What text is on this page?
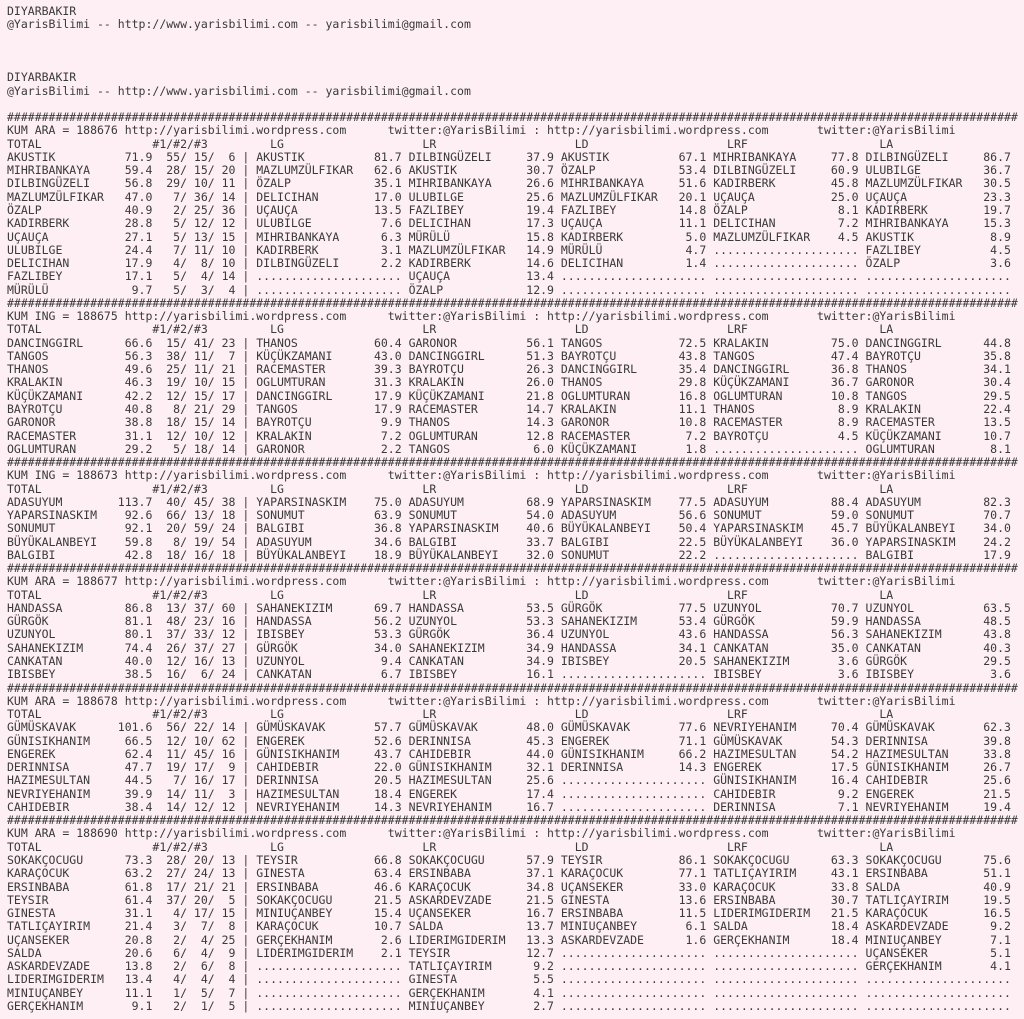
DIYARBAKIR
@YarisBilimi -- http://www.yarisbilimi.com -- yarisbilimi@gmail.com

DIYARBAKIR
@YarisBilimi -- http://www.yarisbilimi.com -- yarisbilimi@gmail.com

##################################################################################################################################################
KUM ARA = 188676 http://yarisbilimi.wordpress.com      twitter:@YarisBilimi : http://yarisbilimi.wordpress.com       twitter:@YarisBilimi
TOTAL                #1/#2/#3         LG                    LR                    LD                    LRF                   LA
AKUSTIK          71.9  55/ 15/  6 | AKUSTIK          81.7 DILBINGÜZELI     37.9 AKUSTIK          67.1 MIHRIBANKAYA     77.8 DILBINGÜZELI     86.7
MIHRIBANKAYA     59.4  28/ 15/ 20 | MAZLUMZÜLFIKAR   62.6 AKUSTIK          30.7 ÖZALP            53.4 DILBINGÜZELI     60.9 ULUBILGE         36.7
DILBINGÜZELI     56.8  29/ 10/ 11 | ÖZALP            35.1 MIHRIBANKAYA     26.6 MIHRIBANKAYA     51.6 KADIRBERK        45.8 MAZLUMZÜLFIKAR   30.5
MAZLUMZÜLFIKAR   47.0   7/ 36/ 14 | DELICIHAN        17.0 ULUBILGE         25.6 MAZLUMZÜLFIKAR   20.1 UÇAUÇA           25.0 UÇAUÇA           23.3
ÖZALP            40.9   2/ 25/ 36 | UÇAUÇA           13.5 FAZLIBEY         19.4 FAZLIBEY         14.8 ÖZALP             8.1 KADIRBERK        19.7
KADIRBERK        28.8   5/ 12/ 12 | ULUBILGE          7.6 DELICIHAN        17.3 UÇAUÇA           11.1 DELICIHAN         7.2 MIHRIBANKAYA     15.3
UÇAUÇA           27.1   5/ 13/ 15 | MIHRIBANKAYA      6.3 MÜRÜLÜ           15.8 KADIRBERK         5.0 MAZLUMZÜLFIKAR    4.5 AKUSTIK           8.9
ULUBILGE         24.4   7/ 11/ 10 | KADIRBERK         3.1 MAZLUMZÜLFIKAR   14.9 MÜRÜLÜ            4.7 ..................... FAZLIBEY          4.5
DELICIHAN        17.9   4/  8/ 10 | DILBINGÜZELI      2.2 KADIRBERK        14.6 DELICIHAN         1.4 ..................... ÖZALP             3.6
FAZLIBEY         17.1   5/  4/ 14 | ..................... UÇAUÇA           13.4 ..................... ..................... .....................
MÜRÜLÜ            9.7   5/  3/  4 | ..................... ÖZALP            12.9 ..................... ..................... .....................
##################################################################################################################################################
KUM ING = 188675 http://yarisbilimi.wordpress.com      twitter:@YarisBilimi : http://yarisbilimi.wordpress.com       twitter:@YarisBilimi
TOTAL                #1/#2/#3         LG                    LR                    LD                    LRF                   LA
DANCINGGIRL      66.6  15/ 41/ 23 | THANOS           60.4 GARONOR          56.1 TANGOS           72.5 KRALAKIN         75.0 DANCINGGIRL      44.8
TANGOS           56.3  38/ 11/  7 | KÜÇÜKZAMANI      43.0 DANCINGGIRL      51.3 BAYROTÇU         43.8 TANGOS           47.4 BAYROTÇU         35.8
THANOS           49.6  25/ 11/ 21 | RACEMASTER       39.3 BAYROTÇU         26.3 DANCINGGIRL      35.4 DANCINGGIRL      36.8 THANOS           34.1
KRALAKIN         46.3  19/ 10/ 15 | OGLUMTURAN       31.3 KRALAKIN         26.0 THANOS           29.8 KÜÇÜKZAMANI      36.7 GARONOR          30.4
KÜÇÜKZAMANI      42.2  12/ 15/ 17 | DANCINGGIRL      17.9 KÜÇÜKZAMANI      21.8 OGLUMTURAN       16.8 OGLUMTURAN       10.8 TANGOS           29.5
BAYROTÇU         40.8   8/ 21/ 29 | TANGOS           17.9 RACEMASTER       14.7 KRALAKIN         11.1 THANOS            8.9 KRALAKIN         22.4
GARONOR          38.8  18/ 15/ 14 | BAYROTÇU          9.9 THANOS           14.3 GARONOR          10.8 RACEMASTER        8.9 RACEMASTER       13.5
RACEMASTER       31.1  12/ 10/ 12 | KRALAKIN          7.2 OGLUMTURAN       12.8 RACEMASTER        7.2 BAYROTÇU          4.5 KÜÇÜKZAMANI      10.7
OGLUMTURAN       29.2   5/ 18/ 14 | GARONOR           2.2 TANGOS            6.0 KÜÇÜKZAMANI       1.8 ..................... OGLUMTURAN        8.1
##################################################################################################################################################
KUM ING = 188673 http://yarisbilimi.wordpress.com      twitter:@YarisBilimi : http://yarisbilimi.wordpress.com       twitter:@YarisBilimi
TOTAL                #1/#2/#3         LG                    LR                    LD                    LRF                   LA
ADASUYUM        113.7  40/ 45/ 38 | YAPARSINASKIM    75.0 ADASUYUM         68.9 YAPARSINASKIM    77.5 ADASUYUM         88.4 ADASUYUM         82.3
YAPARSINASKIM    92.6  66/ 13/ 18 | SONUMUT          63.9 SONUMUT          54.0 ADASUYUM         56.6 SONUMUT          59.0 SONUMUT          70.7
SONUMUT          92.1  20/ 59/ 24 | BALGIBI          36.8 YAPARSINASKIM    40.6 BÜYÜKALANBEYI    50.4 YAPARSINASKIM    45.7 BÜYÜKALANBEYI    34.0
BÜYÜKALANBEYI    59.8   8/ 19/ 54 | ADASUYUM         34.6 BALGIBI          33.7 BALGIBI          22.5 BÜYÜKALANBEYI    36.0 YAPARSINASKIM    24.2
BALGIBI          42.8  18/ 16/ 18 | BÜYÜKALANBEYI    18.9 BÜYÜKALANBEYI    32.0 SONUMUT          22.2 ..................... BALGIBI          17.9
##################################################################################################################################################
KUM ARA = 188677 http://yarisbilimi.wordpress.com      twitter:@YarisBilimi : http://yarisbilimi.wordpress.com       twitter:@YarisBilimi
TOTAL                #1/#2/#3         LG                    LR                    LD                    LRF                   LA
HANDASSA         86.8  13/ 37/ 60 | SAHANEKIZIM      69.7 HANDASSA         53.5 GÜRGÖK           77.5 UZUNYOL          70.7 UZUNYOL          63.5
GÜRGÖK           81.1  48/ 23/ 16 | HANDASSA         56.2 UZUNYOL          53.3 SAHANEKIZIM      53.4 GÜRGÖK           59.9 HANDASSA         48.5
UZUNYOL          80.1  37/ 33/ 12 | IBISBEY          53.3 GÜRGÖK           36.4 UZUNYOL          43.6 HANDASSA         56.3 SAHANEKIZIM      43.8
SAHANEKIZIM      74.4  26/ 37/ 27 | GÜRGÖK           34.0 SAHANEKIZIM      34.9 HANDASSA         34.1 CANKATAN         35.0 CANKATAN         40.3
CANKATAN         40.0  12/ 16/ 13 | UZUNYOL           9.4 CANKATAN         34.9 IBISBEY          20.5 SAHANEKIZIM       3.6 GÜRGÖK           29.5
IBISBEY          38.5  16/  6/ 24 | CANKATAN          6.7 IBISBEY          16.1 ..................... IBISBEY           3.6 IBISBEY           3.6
##################################################################################################################################################
KUM ARA = 188678 http://yarisbilimi.wordpress.com      twitter:@YarisBilimi : http://yarisbilimi.wordpress.com       twitter:@YarisBilimi
TOTAL                #1/#2/#3         LG                    LR                    LD                    LRF                   LA
GÜMÜSKAVAK      101.6  56/ 22/ 14 | GÜMÜSKAVAK       57.7 GÜMÜSKAVAK       48.0 GÜMÜSKAVAK       77.6 NEVRIYEHANIM     70.4 GÜMÜSKAVAK       62.3
GÜNISIKHANIM     66.5  12/ 10/ 62 | ENGEREK          52.6 DERINNISA        45.3 ENGEREK          71.1 GÜMÜSKAVAK       54.3 DERINNISA        39.8
ENGEREK          62.4  11/ 45/ 16 | GÜNISIKHANIM     43.7 CAHIDEBIR        44.0 GÜNISIKHANIM     66.2 HAZIMESULTAN     54.2 HAZIMESULTAN     33.8
DERINNISA        47.7  19/ 17/  9 | CAHIDEBIR        22.0 GÜNISIKHANIM     32.1 DERINNISA        14.3 ENGEREK          17.5 GÜNISIKHANIM     26.7
HAZIMESULTAN     44.5   7/ 16/ 17 | DERINNISA        20.5 HAZIMESULTAN     25.6 ..................... GÜNISIKHANIM     16.4 CAHIDEBIR        25.6
NEVRIYEHANIM     39.9  14/ 11/  3 | HAZIMESULTAN     18.4 ENGEREK          17.4 ..................... CAHIDEBIR         9.2 ENGEREK          21.5
CAHIDEBIR        38.4  14/ 12/ 12 | NEVRIYEHANIM     14.3 NEVRIYEHANIM     16.7 ..................... DERINNISA         7.1 NEVRIYEHANIM     19.4
##################################################################################################################################################
KUM ARA = 188690 http://yarisbilimi.wordpress.com      twitter:@YarisBilimi : http://yarisbilimi.wordpress.com       twitter:@YarisBilimi
TOTAL                #1/#2/#3         LG                    LR                    LD                    LRF                   LA
SOKAKÇOCUGU      73.3  28/ 20/ 13 | TEYSIR           66.8 SOKAKÇOCUGU      57.9 TEYSIR           86.1 SOKAKÇOCUGU      63.3 SOKAKÇOCUGU      75.6
KARAÇOCUK        63.2  27/ 24/ 13 | GINESTA          63.4 ERSINBABA        37.1 KARAÇOCUK        77.1 TATLIÇAYIRIM     43.1 ERSINBABA        51.1
ERSINBABA        61.8  17/ 21/ 21 | ERSINBABA        46.6 KARAÇOCUK        34.8 UÇANSEKER        33.0 KARAÇOCUK        33.8 SALDA            40.9
TEYSIR           61.4  37/ 20/  5 | SOKAKÇOCUGU      21.5 ASKARDEVZADE     21.5 GINESTA          13.6 ERSINBABA        30.7 TATLIÇAYIRIM     19.5
GINESTA          31.1   4/ 17/ 15 | MINIUÇANBEY      15.4 UÇANSEKER        16.7 ERSINBABA        11.5 LIDERIMGIDERIM   21.5 KARAÇOCUK        16.5
TATLIÇAYIRIM     21.4   3/  7/  8 | KARAÇOCUK        10.7 SALDA            13.7 MINIUÇANBEY       6.1 SALDA            18.4 ASKARDEVZADE      9.2
UÇANSEKER        20.8   2/  4/ 25 | GERÇEKHANIM       2.6 LIDERIMGIDERIM   13.3 ASKARDEVZADE      1.6 GERÇEKHANIM      18.4 MINIUÇANBEY       7.1
SALDA            20.6   6/  4/  9 | LIDERIMGIDERIM    2.1 TEYSIR           12.7 ..................... ..................... UÇANSEKER         5.1
ASKARDEVZADE     13.8   2/  6/  8 | ..................... TATLIÇAYIRIM      9.2 ..................... ..................... GERÇEKHANIM       4.1
LIDERIMGIDERIM   13.4   4/  4/  4 | ..................... GINESTA           5.5 ..................... ..................... .....................
MINIUÇANBEY      11.1   1/  5/  7 | ..................... GERÇEKHANIM       4.1 ..................... ..................... .....................
GERÇEKHANIM       9.1   2/  1/  5 | ..................... MINIUÇANBEY       2.7 ..................... ..................... .....................
